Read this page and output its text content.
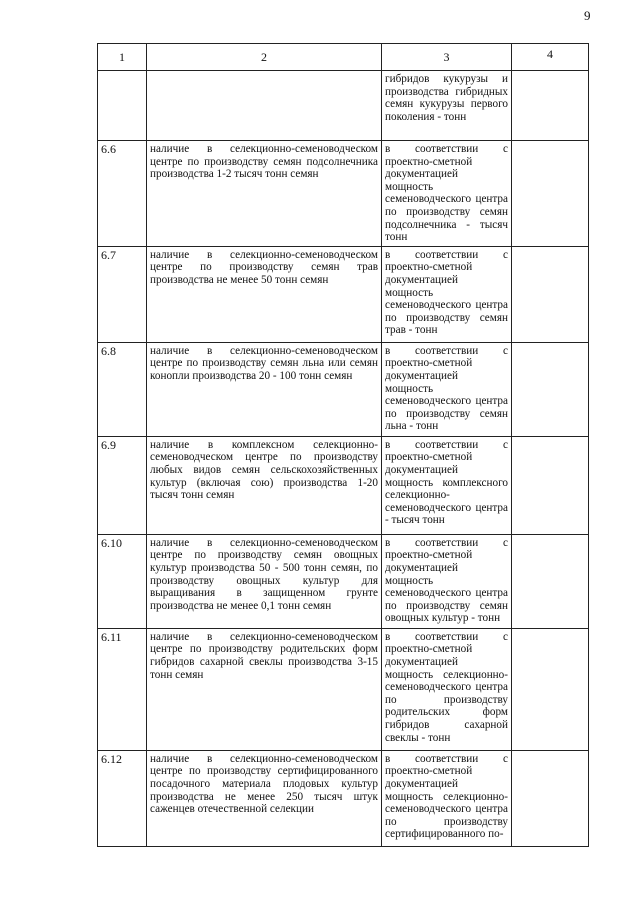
9
1	2	3	4
		гибридов кукурузы и производства гибридных семян кукурузы первого поколения - тонн	
6.6	наличие в селекционно-семеноводческом центре по производству семян подсолнечника производства 1-2 тысяч тонн семян	в соответствии с проектно-сметной документацией мощность семеноводческого центра по производству семян подсолнечника - тысяч тонн	
6.7	наличие в селекционно-семеноводческом центре по производству семян трав производства не менее 50 тонн семян	в соответствии с проектно-сметной документацией мощность семеноводческого центра по производству семян трав - тонн	
6.8	наличие в селекционно-семеноводческом центре по производству семян льна или семян конопли производства 20 - 100 тонн семян	в соответствии с проектно-сметной документацией мощность семеноводческого центра по производству семян льна - тонн	
6.9	наличие в комплексном селекционно-семеноводческом центре по производству любых видов семян сельскохозяйственных культур (включая сою) производства 1-20 тысяч тонн семян	в соответствии с проектно-сметной документацией мощность комплексного селекционно-семеноводческого центра - тысяч тонн	
6.10	наличие в селекционно-семеноводческом центре по производству семян овощных культур производства 50 - 500 тонн семян, по производству овощных культур для выращивания в защищенном грунте производства не менее 0,1 тонн семян	в соответствии с проектно-сметной документацией мощность семеноводческого центра по производству семян овощных культур - тонн	
6.11	наличие в селекционно-семеноводческом центре по производству родительских форм гибридов сахарной свеклы производства 3-15 тонн семян	в соответствии с проектно-сметной документацией мощность селекционно-семеноводческого центра по производству родительских форм гибридов сахарной свеклы - тонн	
6.12	наличие в селекционно-семеноводческом центре по производству сертифицированного посадочного материала плодовых культур производства не менее 250 тысяч штук саженцев отечественной селекции	в соответствии с проектно-сметной документацией мощность селекционно-семеноводческого центра по производству сертифицированного по-	
